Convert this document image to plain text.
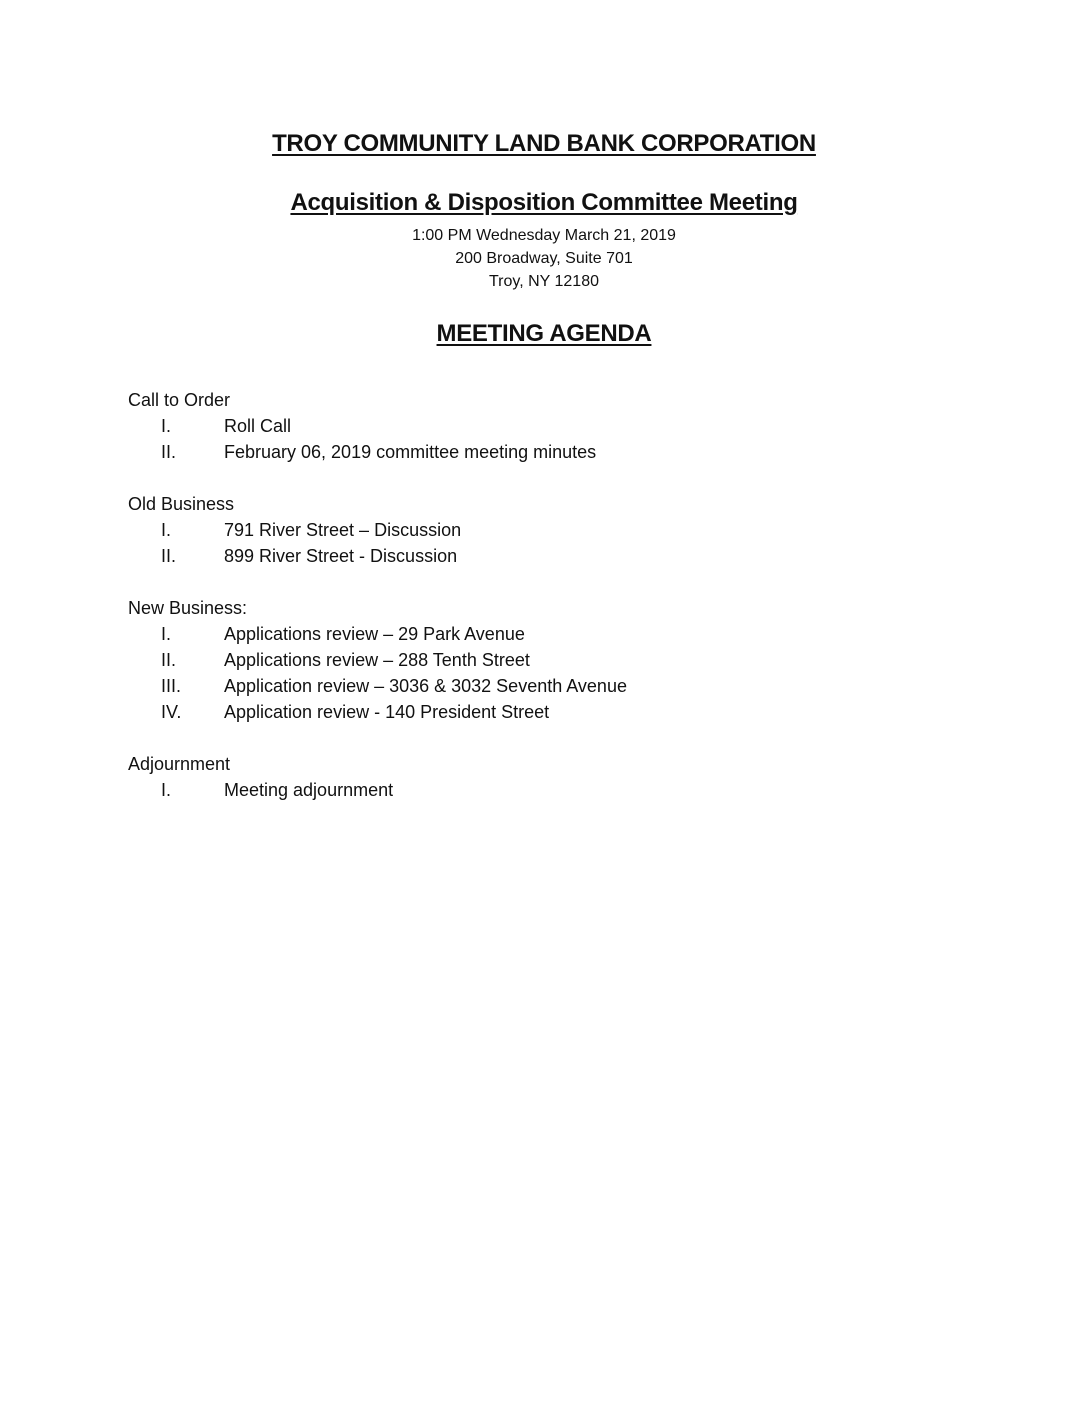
TROY COMMUNITY LAND BANK CORPORATION
Acquisition & Disposition Committee Meeting
1:00 PM Wednesday March 21, 2019
200 Broadway, Suite 701
Troy, NY 12180
MEETING AGENDA
Call to Order
I.	Roll Call
II.	February 06, 2019 committee meeting minutes
Old Business
I.	791 River Street – Discussion
II.	899 River Street - Discussion
New Business:
I.	Applications review – 29 Park Avenue
II.	Applications review – 288 Tenth Street
III. Application review – 3036 & 3032 Seventh Avenue
IV. Application review - 140 President Street
Adjournment
I.	Meeting adjournment
